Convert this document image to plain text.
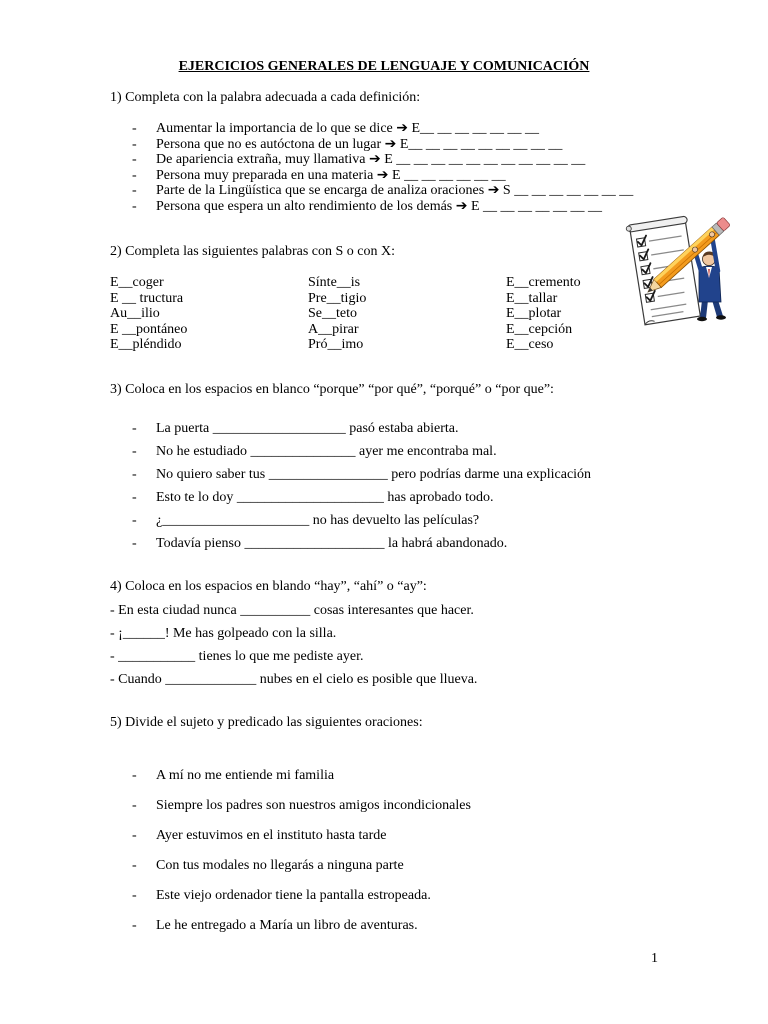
EJERCICIOS GENERALES DE LENGUAJE Y COMUNICACIÓN
1) Completa con la palabra adecuada a cada definición:
- Aumentar la importancia de lo que se dice ➔ E__ __ __ __ __ __ __
- Persona que no es autóctona de un lugar ➔ E__ __ __ __ __ __ __ __ __
- De apariencia extraña, muy llamativa ➔ E __ __ __ __ __ __ __ __ __ __ __
- Persona muy preparada en una materia ➔ E __ __ __ __ __ __
- Parte de la Lingüística que se encarga de analiza oraciones ➔ S __ __ __ __ __ __ __
- Persona que espera un alto rendimiento de los demás ➔ E __ __ __ __ __ __ __
2) Completa las siguientes palabras con S o con X:
E__coger
E __ tructura
Au__ilio
E __pontáneo
E__pléndido
Sínte__is
Pre__tigio
Se__teto
A__pirar
Pró__imo
E__cremento
E__tallar
E__plotar
E__cepción
E__ceso
3) Coloca en los espacios en blanco “porque” “por qué”, “porqué” o “por que”:
- La puerta ___________________ pasó estaba abierta.
- No he estudiado _______________ ayer me encontraba mal.
- No quiero saber tus _________________ pero podrías darme una explicación
- Esto te lo doy _____________________ has aprobado todo.
- ¿_____________________ no has devuelto las películas?
- Todavía pienso ____________________ la habrá abandonado.
4) Coloca en los espacios en blando “hay”, “ahí” o “ay”:
- En esta ciudad nunca __________ cosas interesantes que hacer.
- ¡______! Me has golpeado con la silla.
- ___________ tienes lo que me pediste ayer.
- Cuando _____________ nubes en el cielo es posible que llueva.
5) Divide el sujeto y predicado las siguientes oraciones:
- A mí no me entiende mi familia
- Siempre los padres son nuestros amigos incondicionales
- Ayer estuvimos en el instituto hasta tarde
- Con tus modales no llegarás a ninguna parte
- Este viejo ordenador tiene la pantalla estropeada.
- Le he entregado a María un libro de aventuras.
1
